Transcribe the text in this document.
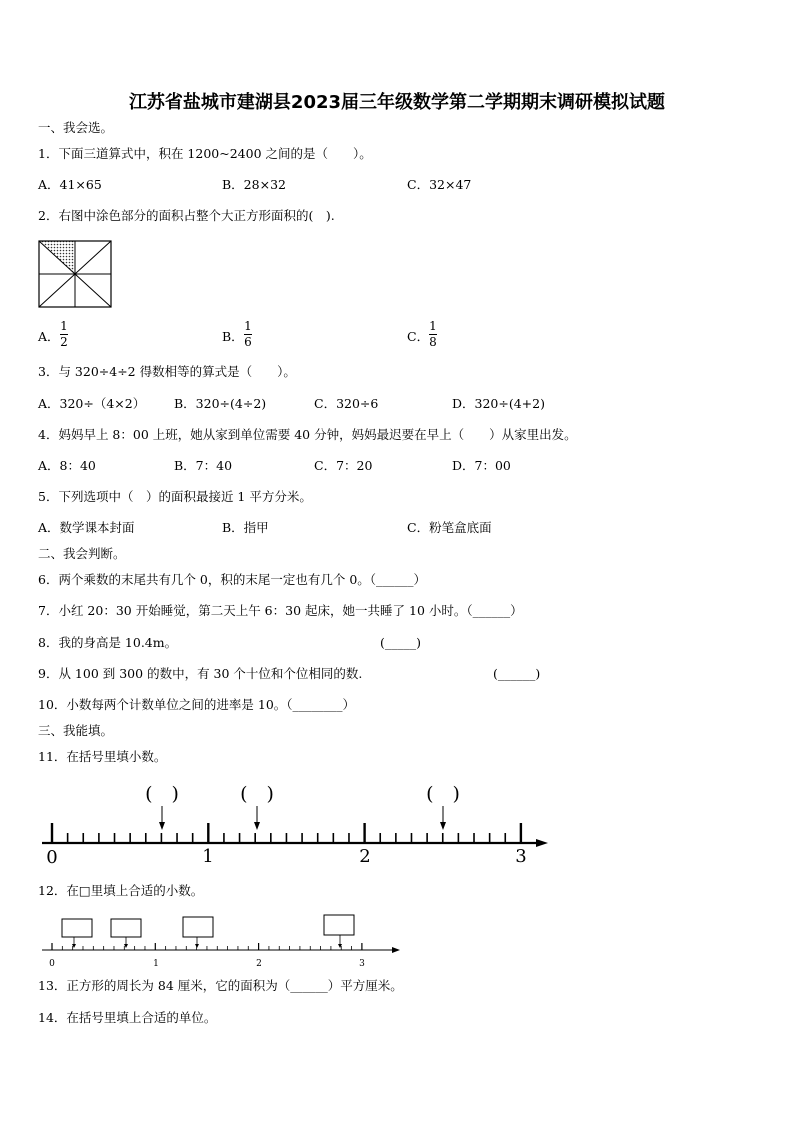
江苏省盐城市建湖县2023届三年级数学第二学期期末调研模拟试题
一、我会选。
1．下面三道算式中，积在 1200~2400 之间的是（　　）。
A．41×65	B．28×32	C．32×47
2．右图中涂色部分的面积占整个大正方形面积的(　).
A．
1
2	B．
1
6	C．
1
8
3．与 320÷4÷2 得数相等的算式是（　　）。
A．320÷（4×2） B．320÷(4÷2)	C．320÷6	D．320÷(4+2)
4．妈妈早上 8：00 上班，她从家到单位需要 40 分钟，妈妈最迟要在早上（　　）从家里出发。
A．8：40	B．7：40	C．7：20	D．7：00
5．下列选项中（　）的面积最接近 1 平方分米。
A．数学课本封面	B．指甲	C．粉笔盒底面
二、我会判断。
6．两个乘数的末尾共有几个 0，积的末尾一定也有几个 0。（______）
7．小红 20：30 开始睡觉，第二天上午 6：30 起床，她一共睡了 10 小时。（______）
8．我的身高是 10.4m。	(_____)
9．从 100 到 300 的数中，有 30 个十位和个位相同的数.	(______)
10．小数每两个计数单位之间的进率是 10。（________）
三、我能填。
11．在括号里填小数。
(　)	(　)	(　)
0	1	2	3
12．在□里填上合适的小数。
0	1	2	3
13．正方形的周长为 84 厘米，它的面积为（______）平方厘米。
14．在括号里填上合适的单位。
